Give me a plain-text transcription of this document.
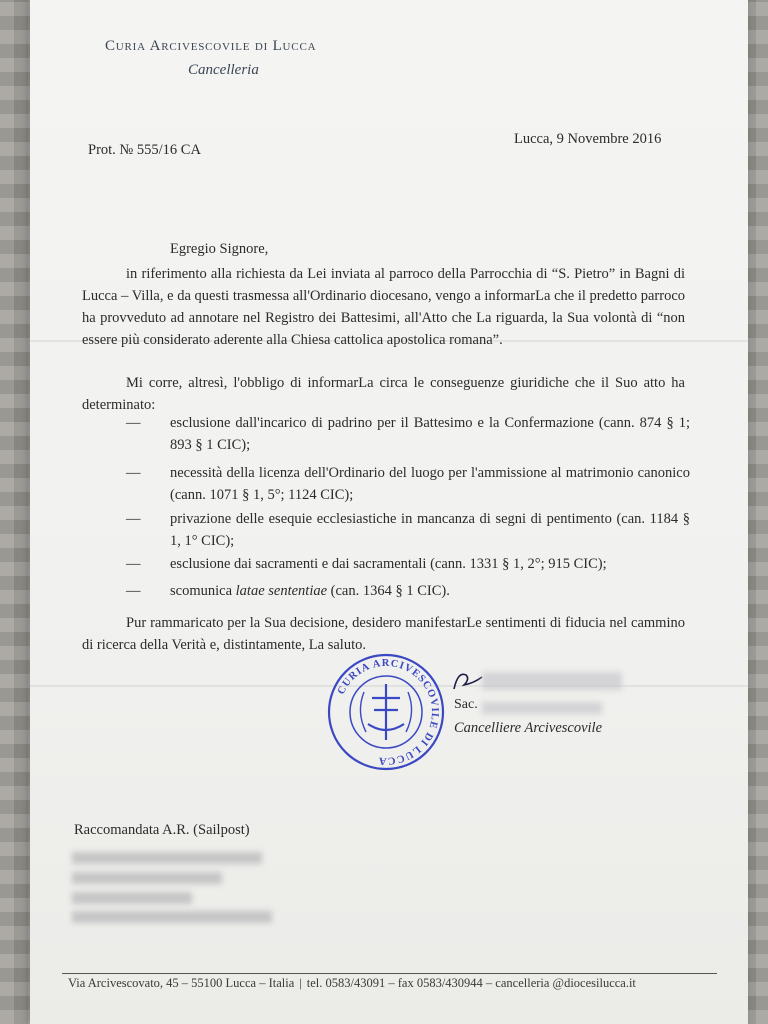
Curia Arcivescovile di Lucca
Cancelleria
Prot. № 555/16 CA
Lucca, 9 Novembre 2016
Egregio Signore,
in riferimento alla richiesta da Lei inviata al parroco della Parrocchia di “S. Pietro” in Bagni di Lucca – Villa, e da questi trasmessa all'Ordinario diocesano, vengo a informarLa che il predetto parroco ha provveduto ad annotare nel Registro dei Battesimi, all'Atto che La riguarda, la Sua volontà di “non essere più considerato aderente alla Chiesa cattolica apostolica romana”.
Mi corre, altresì, l'obbligo di informarLa circa le conseguenze giuridiche che il Suo atto ha determinato:
— esclusione dall'incarico di padrino per il Battesimo e la Confermazione (cann. 874 § 1; 893 § 1 CIC);
— necessità della licenza dell'Ordinario del luogo per l'ammissione al matrimonio canonico (cann. 1071 § 1, 5°; 1124 CIC);
— privazione delle esequie ecclesiastiche in mancanza di segni di pentimento (can. 1184 § 1, 1° CIC);
— esclusione dai sacramenti e dai sacramentali (cann. 1331 § 1, 2°; 915 CIC);
— scomunica latae sententiae (can. 1364 § 1 CIC).
Pur rammaricato per la Sua decisione, desidero manifestarLe sentimenti di fiducia nel cammino di ricerca della Verità e, distintamente, La saluto.
CURIA ARCIVESCOVILE DI LUCCA
Sac.
Cancelliere Arcivescovile
Raccomandata A.R. (Sailpost)
Via Arcivescovato, 45 – 55100 Lucca – Italia | tel. 0583/43091 – fax 0583/430944 – cancelleria @diocesilucca.it
